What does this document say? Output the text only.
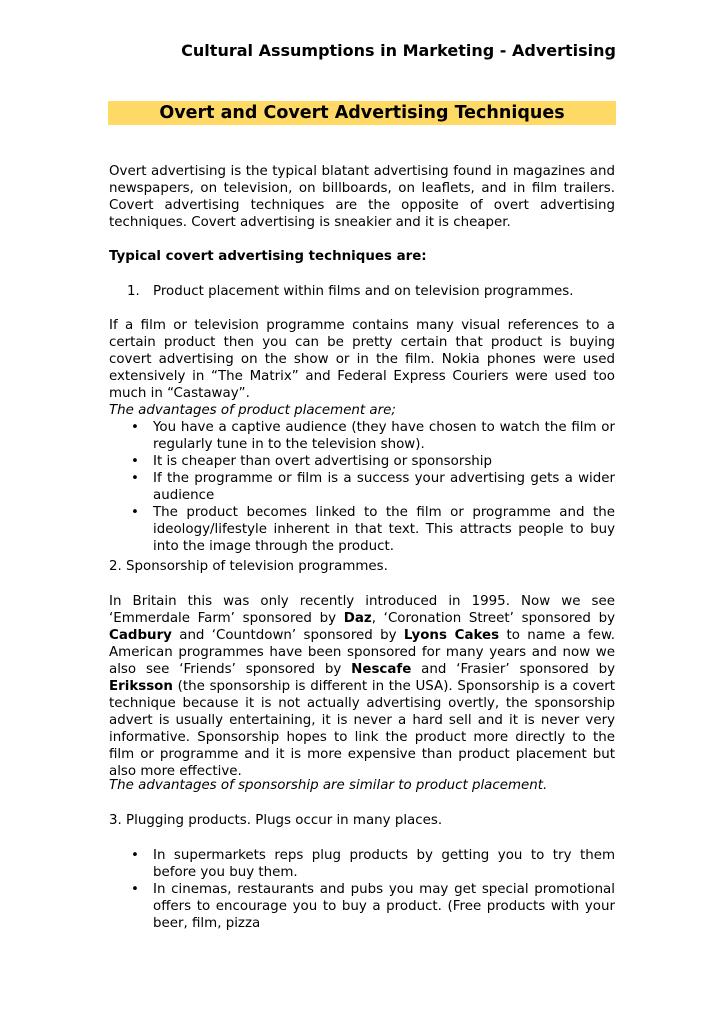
Cultural Assumptions in Marketing - Advertising
Overt and Covert Advertising Techniques

Overt advertising is the typical blatant advertising found in magazines and newspapers, on television, on billboards, on leaflets, and in film trailers. Covert advertising techniques are the opposite of overt advertising techniques. Covert advertising is sneakier and it is cheaper.

Typical covert advertising techniques are:

1. Product placement within films and on television programmes.

If a film or television programme contains many visual references to a certain product then you can be pretty certain that product is buying covert advertising on the show or in the film. Nokia phones were used extensively in “The Matrix” and Federal Express Couriers were used too much in “Castaway”.

The advantages of product placement are;

• You have a captive audience (they have chosen to watch the film or regularly tune in to the television show).
• It is cheaper than overt advertising or sponsorship
• If the programme or film is a success your advertising gets a wider audience
• The product becomes linked to the film or programme and the ideology/lifestyle inherent in that text. This attracts people to buy into the image through the product.

2. Sponsorship of television programmes.

In Britain this was only recently introduced in 1995. Now we see ‘Emmerdale Farm’ sponsored by Daz, ‘Coronation Street’ sponsored by Cadbury and ‘Countdown’ sponsored by Lyons Cakes to name a few. American programmes have been sponsored for many years and now we also see ‘Friends’ sponsored by Nescafe and ‘Frasier’ sponsored by Eriksson (the sponsorship is different in the USA). Sponsorship is a covert technique because it is not actually advertising overtly, the sponsorship advert is usually entertaining, it is never a hard sell and it is never very informative. Sponsorship hopes to link the product more directly to the film or programme and it is more expensive than product placement but also more effective.

The advantages of sponsorship are similar to product placement.

3. Plugging products. Plugs occur in many places.

• In supermarkets reps plug products by getting you to try them before you buy them.
• In cinemas, restaurants and pubs you may get special promotional offers to encourage you to buy a product. (Free products with your beer, film, pizza
